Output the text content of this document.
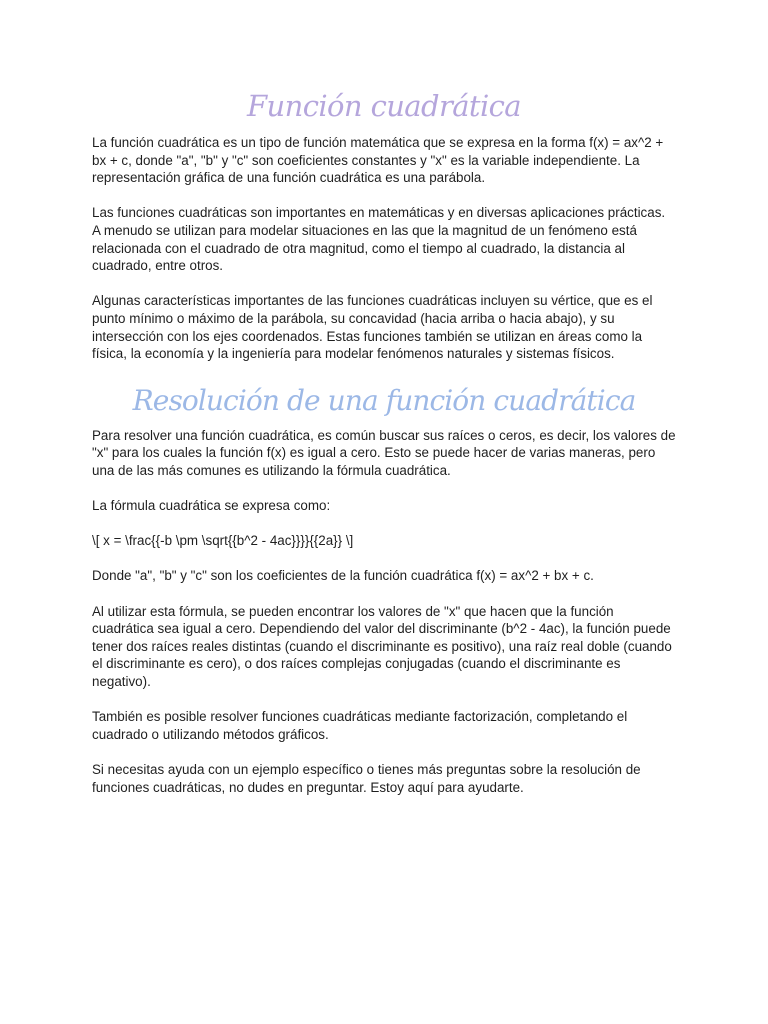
Función cuadrática

La función cuadrática es un tipo de función matemática que se expresa en la forma f(x) = ax^2 + bx + c, donde "a", "b" y "c" son coeficientes constantes y "x" es la variable independiente. La representación gráfica de una función cuadrática es una parábola.

Las funciones cuadráticas son importantes en matemáticas y en diversas aplicaciones prácticas. A menudo se utilizan para modelar situaciones en las que la magnitud de un fenómeno está relacionada con el cuadrado de otra magnitud, como el tiempo al cuadrado, la distancia al cuadrado, entre otros.

Algunas características importantes de las funciones cuadráticas incluyen su vértice, que es el punto mínimo o máximo de la parábola, su concavidad (hacia arriba o hacia abajo), y su intersección con los ejes coordenados. Estas funciones también se utilizan en áreas como la física, la economía y la ingeniería para modelar fenómenos naturales y sistemas físicos.

Resolución de una función cuadrática

Para resolver una función cuadrática, es común buscar sus raíces o ceros, es decir, los valores de "x" para los cuales la función f(x) es igual a cero. Esto se puede hacer de varias maneras, pero una de las más comunes es utilizando la fórmula cuadrática.

La fórmula cuadrática se expresa como:

\[ x = \frac{{-b \pm \sqrt{{b^2 - 4ac}}}}{{2a}} \]

Donde "a", "b" y "c" son los coeficientes de la función cuadrática f(x) = ax^2 + bx + c.

Al utilizar esta fórmula, se pueden encontrar los valores de "x" que hacen que la función cuadrática sea igual a cero. Dependiendo del valor del discriminante (b^2 - 4ac), la función puede tener dos raíces reales distintas (cuando el discriminante es positivo), una raíz real doble (cuando el discriminante es cero), o dos raíces complejas conjugadas (cuando el discriminante es negativo).

También es posible resolver funciones cuadráticas mediante factorización, completando el cuadrado o utilizando métodos gráficos.

Si necesitas ayuda con un ejemplo específico o tienes más preguntas sobre la resolución de funciones cuadráticas, no dudes en preguntar. Estoy aquí para ayudarte.
